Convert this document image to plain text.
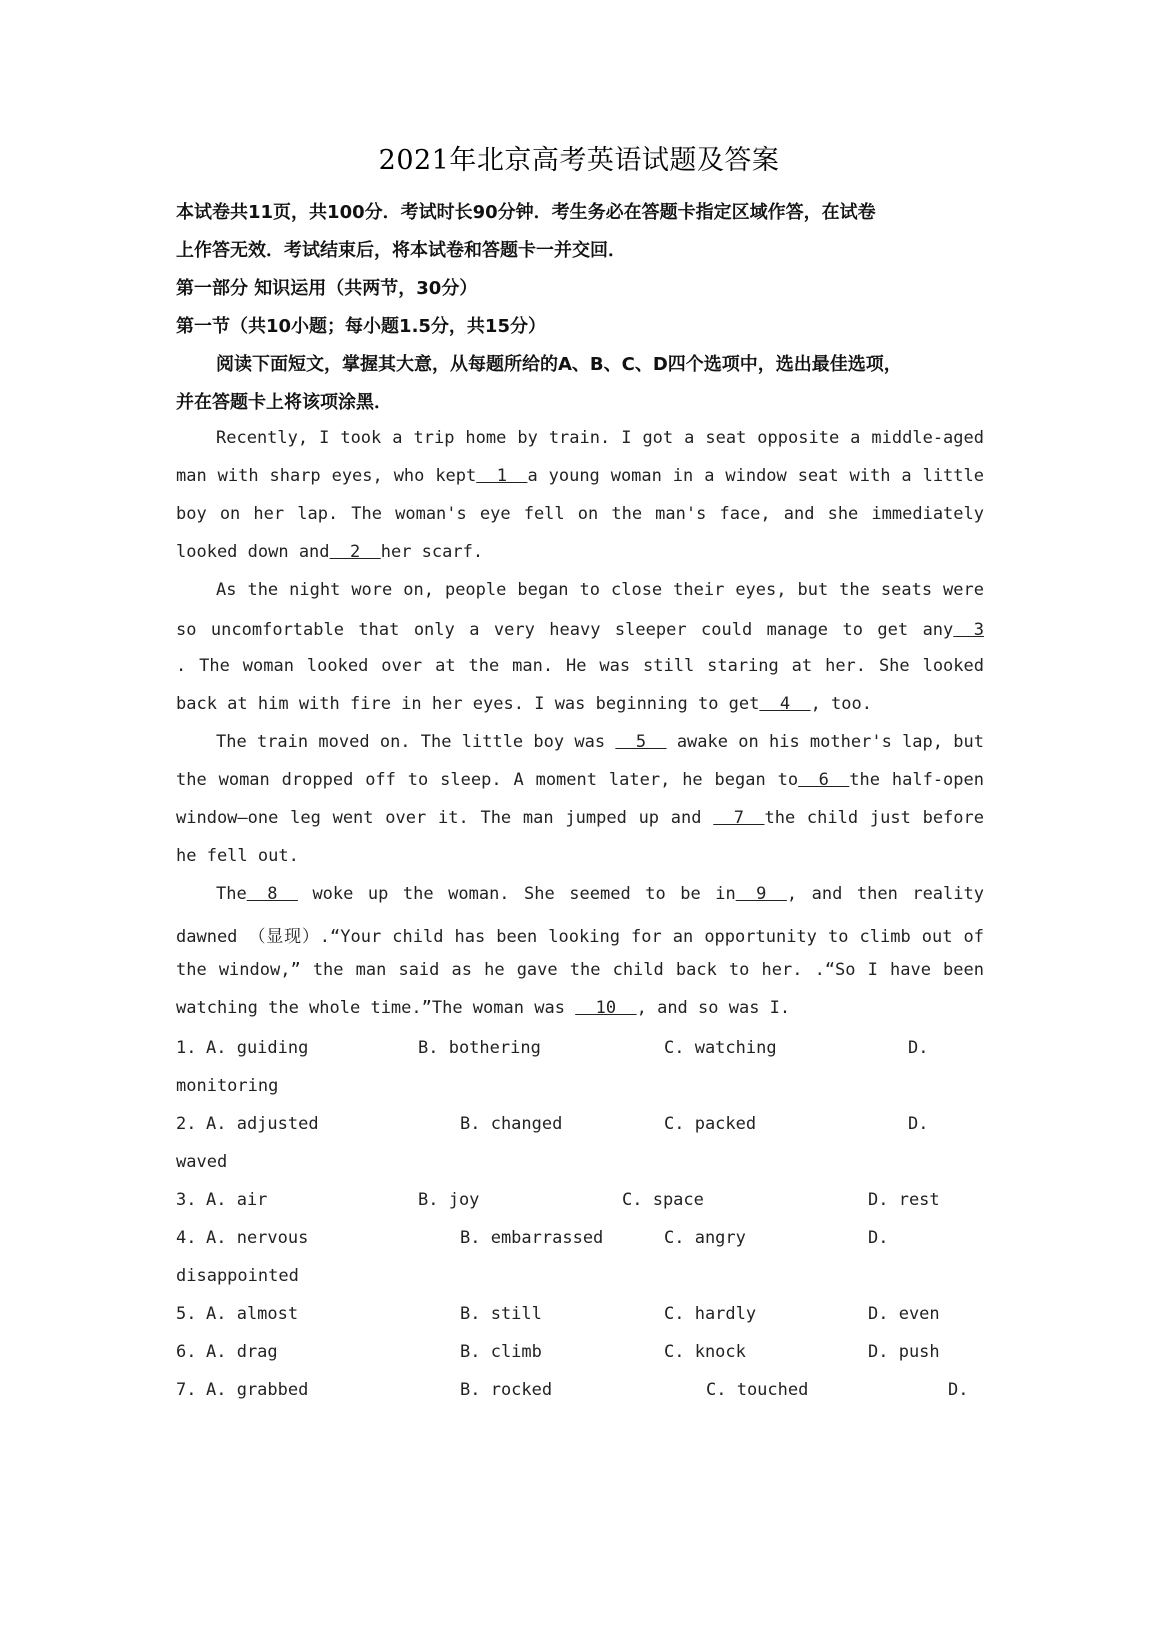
2021年北京高考英语试题及答案
本试卷共11页，共100分．考试时长90分钟．考生务必在答题卡指定区域作答，在试卷
上作答无效．考试结束后，将本试卷和答题卡一并交回．
第一部分 知识运用（共两节，30分）
第一节（共10小题；每小题1.5分，共15分）
阅读下面短文，掌握其大意，从每题所给的A、B、C、D四个选项中，选出最佳选项，
并在答题卡上将该项涂黑．
Recently, I took a trip home by train. I got a seat opposite a middle-aged
man with sharp eyes, who kept  1  a young woman in a window seat with a little
boy on her lap. The woman's eye fell on the man's face, and she immediately
looked down and  2  her scarf.
As the night wore on, people began to close their eyes, but the seats were
so uncomfortable that only a very heavy sleeper could manage to get any  3
. The woman looked over at the man. He was still staring at her. She looked
back at him with fire in her eyes. I was beginning to get  4  , too.
The train moved on. The little boy was   5   awake on his mother's lap, but
the woman dropped off to sleep. A moment later, he began to  6  the half-open
window—one leg went over it. The man jumped up and   7  the child just before
he fell out.
The  8   woke up the woman. She seemed to be in  9  , and then reality
dawned （显现）.“Your child has been looking for an opportunity to climb out of
the window,” the man said as he gave the child back to her. .“So I have been
watching the whole time.”The woman was   10  , and so was I.
1. A. guiding	B. bothering	C. watching	D.
monitoring
2. A. adjusted	B. changed	C. packed	D.
waved
3. A. air	B. joy	C. space	D. rest
4. A. nervous	B. embarrassed	C. angry	D.
disappointed
5. A. almost	B. still	C. hardly	D. even
6. A. drag	B. climb	C. knock	D. push
7. A. grabbed	B. rocked	C. touched	D.
